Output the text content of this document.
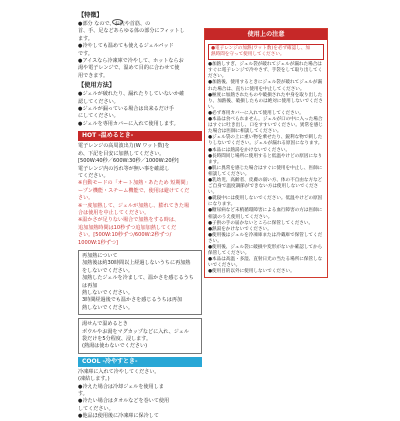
【特徴】

●部分 なので、お洗や首筋、の

首、手、足などあらゆる体の部分にフィットし

ます。

●冷やしても温めても使えるジェルパッド

です。

●アイスなら冷凍庫で冷やして、ホットならお

湯や電子レンジで、温めて目的に合わせて使

用できます。

【使用方法】

●ジェルが破れたり、漏れたりしていないか確

認してください。

●ジェルが漏っている場合は出来るだけ手

にしてください。

●ジェルを専用カバーに入れて使用します。

HOT -温めるとき-

電子レンジの高周波出力(W ワット数)を

め、下記を目安に加熱してください。

[500W:40秒／600W:30秒／1000W:20秒]

電子レンジ内の汚れ等が無い事を確認し

てください。

※自動モードの「オート加熱・あたため 短期間」

ープン機能・スチーム機能で、使用は避けてくだ

さい。

※一度加熱して、ジェルが加熱し、膨れてきた場

合は使用を中止してください。

※温かさが足りない場合で加熱をする時は、

追加加熱時間は10秒ずつ追加加熱してくだ

さい。[500W:10秒ずつ/600W:2秒ずつ/

1000W:1秒ずつ]

再加熱について

加熱後は約30時間以上経過しないうちに再加熱

をしないでください。

加熱したジェルを冷まして、温かさを感じるうちは再加

熱しないでください。

3時間経過後でも温かさを感じるうちは再加

熱しないでください。

湯せんで温めるとき

ボウルやお湯をマグカップなどに入れ、ジェル

袋だけを5分程度、浸します。

(熱湯は使わないでください)

COOL -冷やすとき-

冷凍庫に入れて冷やしてください。

(凍結します。)

●冷えた場合は冷却ジェルを使用しま

す。

●冷たい場合はタオルなどを巻いて使用

してください。

●他品ほ使用後に冷凍庫に保冷して

使用上の注意

●電子レンジの加熱(ワット数)を必ず確認し、加

熱時間を守って使用してください。

●加熱しすぎ、ジェル袋が破れてジェルが漏れた場合はすぐに電子レンジで冷やさず、手袋をして取り出してください。

●加熱後、使用するときにジェル袋が破れてジェルが漏れた場合は、直ちに使用を中止してください。

●極度に加熱されたものや破損された中身を取り出したり、加熱後、破損したものは絶対に使用しないでください。

●必ず専用カバーに入れて使用してください。

●本品は食べられません。ジェルが口の中に入った場合はすぐに吐き出し、口をすすいでください。異常を感じた場合は医師に相談してください。

●ジェル袋の上に重い物を乗せたり、鋭利な物で刺したりしないでください。ジェルが漏れる原因になります。

●本品には熱湯をかけないでください。

●長時間同じ場所に使用すると低温やけどの原因になります。

●肌に異常を感じた場合はすぐに使用を中止し、医師に相談してください。

●乳幼児、高齢者、皮膚の弱い方、体の不自由な方などご自身で温度調節ができない方は使用しないでください。

●就寝中には使用しないでください。低温やけどの原因になります。

●糖尿病など末梢循環障害による血行障害の方は医師に相談のうえ使用してください。

●子供の手の届かないところに保管してください。

●熱湯をかけないでください。

●使用後はジェルを冷凍庫または冷蔵庫で保管してください。

●使用後、ジェル袋に破損や変形がないか確認してから保管してください。

●本品は高温・多湿、直射日光の当たる場所に保管しないでください。

●使用目的以外に使用しないでください。
